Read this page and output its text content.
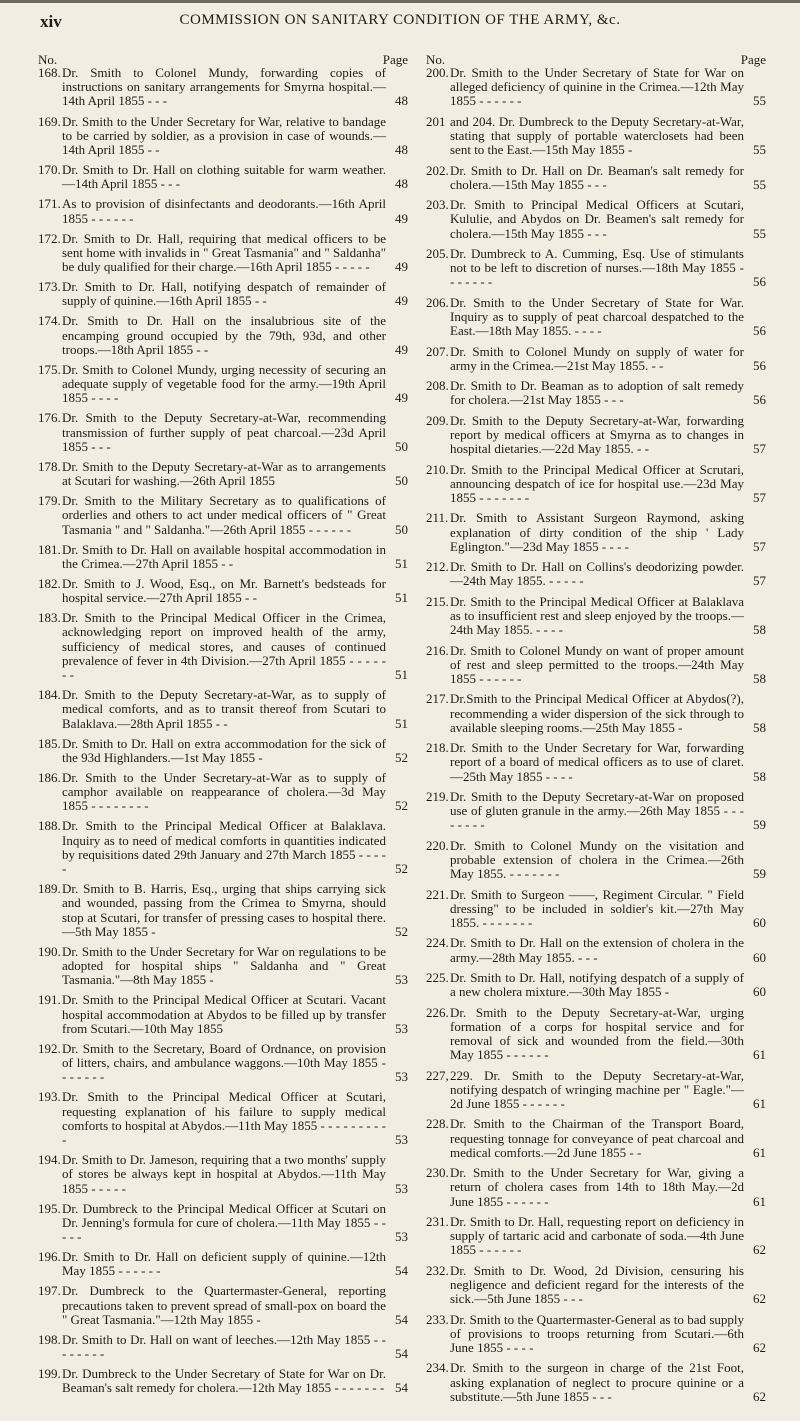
xiv	COMMISSION ON SANITARY CONDITION OF THE ARMY, &c.
No.	Page

168. Dr. Smith to Colonel Mundy, forwarding copies of instructions on sanitary arrangements for Smyrna hospital.—14th April 1855 - - -	48

169. Dr. Smith to the Under Secretary for War, relative to bandage to be carried by soldier, as a provision in case of wounds.—14th April 1855 - -	48

170. Dr. Smith to Dr. Hall on clothing suitable for warm weather.—14th April 1855 - - -	48

171. As to provision of disinfectants and deodorants.—16th April 1855 - - - - - -	49

172. Dr. Smith to Dr. Hall, requiring that medical officers to be sent home with invalids in " Great Tasmania" and " Saldanha" be duly qualified for their charge.—16th April 1855 - - - - -	49

173. Dr. Smith to Dr. Hall, notifying despatch of remainder of supply of quinine.—16th April 1855 - -	49

174. Dr. Smith to Dr. Hall on the insalubrious site of the encamping ground occupied by the 79th, 93d, and other troops.—18th April 1855 - -	49

175. Dr. Smith to Colonel Mundy, urging necessity of securing an adequate supply of vegetable food for the army.—19th April 1855 - - - -	49

176. Dr. Smith to the Deputy Secretary-at-War, recommending transmission of further supply of peat charcoal.—23d April 1855 - - -	50

178. Dr. Smith to the Deputy Secretary-at-War as to arrangements at Scutari for washing.—26th April 1855	50

179. Dr. Smith to the Military Secretary as to qualifications of orderlies and others to act under medical officers of " Great Tasmania " and " Saldanha."—26th April 1855 - - - - - -	50

181. Dr. Smith to Dr. Hall on available hospital accommodation in the Crimea.—27th April 1855 - -	51

182. Dr. Smith to J. Wood, Esq., on Mr. Barnett's bedsteads for hospital service.—27th April 1855 - -	51

183. Dr. Smith to the Principal Medical Officer in the Crimea, acknowledging report on improved health of the army, sufficiency of medical stores, and causes of continued prevalence of fever in 4th Division.—27th April 1855 - - - - - - -	51

184. Dr. Smith to the Deputy Secretary-at-War, as to supply of medical comforts, and as to transit thereof from Scutari to Balaklava.—28th April 1855 - -	51

185. Dr. Smith to Dr. Hall on extra accommodation for the sick of the 93d Highlanders.—1st May 1855 -	52

186. Dr. Smith to the Under Secretary-at-War as to supply of camphor available on reappearance of cholera.—3d May 1855 - - - - - - - -	52

188. Dr. Smith to the Principal Medical Officer at Balaklava. Inquiry as to need of medical comforts in quantities indicated by requisitions dated 29th January and 27th March 1855 - - - - -	52

189. Dr. Smith to B. Harris, Esq., urging that ships carrying sick and wounded, passing from the Crimea to Smyrna, should stop at Scutari, for transfer of pressing cases to hospital there.—5th May 1855 -	52

190. Dr. Smith to the Under Secretary for War on regulations to be adopted for hospital ships " Saldanha and " Great Tasmania."—8th May 1855 -	53

191. Dr. Smith to the Principal Medical Officer at Scutari. Vacant hospital accommodation at Abydos to be filled up by transfer from Scutari.—10th May 1855	53

192. Dr. Smith to the Secretary, Board of Ordnance, on provision of litters, chairs, and ambulance waggons.—10th May 1855 - - - - - - -	53

193. Dr. Smith to the Principal Medical Officer at Scutari, requesting explanation of his failure to supply medical comforts to hospital at Abydos.—11th May 1855 - - - - - - - - - -	53

194. Dr. Smith to Dr. Jameson, requiring that a two months' supply of stores be always kept in hospital at Abydos.—11th May 1855 - - - - -	53

195. Dr. Dumbreck to the Principal Medical Officer at Scutari on Dr. Jenning's formula for cure of cholera.—11th May 1855 - - - - -	53

196. Dr. Smith to Dr. Hall on deficient supply of quinine.—12th May 1855 - - - - - -	54

197. Dr. Dumbreck to the Quartermaster-General, reporting precautions taken to prevent spread of small-pox on board the " Great Tasmania."—12th May 1855 -	54

198. Dr. Smith to Dr. Hall on want of leeches.—12th May 1855 - - - - - - - -	54

199. Dr. Dumbreck to the Under Secretary of State for War on Dr. Beaman's salt remedy for cholera.—12th May 1855 - - - - - - - 54

No.	Page

200. Dr. Smith to the Under Secretary of State for War on alleged deficiency of quinine in the Crimea.—12th May 1855 - - - - - -	55

201 and 204. Dr. Dumbreck to the Deputy Secretary-at-War, stating that supply of portable waterclosets had been sent to the East.—15th May 1855 -	55

202. Dr. Smith to Dr. Hall on Dr. Beaman's salt remedy for cholera.—15th May 1855 - - -	55

203. Dr. Smith to Principal Medical Officers at Scutari, Kululie, and Abydos on Dr. Beamen's salt remedy for cholera.—15th May 1855 - - -	55

205. Dr. Dumbreck to A. Cumming, Esq. Use of stimulants not to be left to discretion of nurses.—18th May 1855 - - - - - - -	56

206. Dr. Smith to the Under Secretary of State for War. Inquiry as to supply of peat charcoal despatched to the East.—18th May 1855. - - - -	56

207. Dr. Smith to Colonel Mundy on supply of water for army in the Crimea.—21st May 1855. - -	56

208. Dr. Smith to Dr. Beaman as to adoption of salt remedy for cholera.—21st May 1855 - - -	56

209. Dr. Smith to the Deputy Secretary-at-War, forwarding report by medical officers at Smyrna as to changes in hospital dietaries.—22d May 1855. - -	57

210. Dr. Smith to the Principal Medical Officer at Scrutari, announcing despatch of ice for hospital use.—23d May 1855 - - - - - - -	57

211. Dr. Smith to Assistant Surgeon Raymond, asking explanation of dirty condition of the ship ' Lady Eglington."—23d May 1855 - - - -	57

212. Dr. Smith to Dr. Hall on Collins's deodorizing powder.—24th May 1855. - - - - -	57

215. Dr. Smith to the Principal Medical Officer at Balaklava as to insufficient rest and sleep enjoyed by the troops.—24th May 1855. - - - -	58

216. Dr. Smith to Colonel Mundy on want of proper amount of rest and sleep permitted to the troops.—24th May 1855 - - - - - -	58

217. Dr.Smith to the Principal Medical Officer at Abydos(?), recommending a wider dispersion of the sick through to available sleeping rooms.—25th May 1855 -	58

218. Dr. Smith to the Under Secretary for War, forwarding report of a board of medical officers as to use of claret.—25th May 1855 - - - -	58

219. Dr. Smith to the Deputy Secretary-at-War on proposed use of gluten granule in the army.—26th May 1855 - - - - - - - -	59

220. Dr. Smith to Colonel Mundy on the visitation and probable extension of cholera in the Crimea.—26th May 1855. - - - - - - -	59

221. Dr. Smith to Surgeon ——, Regiment Circular. " Field dressing" to be included in soldier's kit.—27th May 1855. - - - - - - -	60

224. Dr. Smith to Dr. Hall on the extension of cholera in the army.—28th May 1855. - - -	60

225. Dr. Smith to Dr. Hall, notifying despatch of a supply of a new cholera mixture.—30th May 1855 -	60

226. Dr. Smith to the Deputy Secretary-at-War, urging formation of a corps for hospital service and for removal of sick and wounded from the field.—30th May 1855 - - - - - -	61

227, 229. Dr. Smith to the Deputy Secretary-at-War, notifying despatch of wringing machine per " Eagle."—2d June 1855 - - - - - -	61

228. Dr. Smith to the Chairman of the Transport Board, requesting tonnage for conveyance of peat charcoal and medical comforts.—2d June 1855 - -	61

230. Dr. Smith to the Under Secretary for War, giving a return of cholera cases from 14th to 18th May.—2d June 1855 - - - - - -	61

231. Dr. Smith to Dr. Hall, requesting report on deficiency in supply of tartaric acid and carbonate of soda.—4th June 1855 - - - - - -	62

232. Dr. Smith to Dr. Wood, 2d Division, censuring his negligence and deficient regard for the interests of the sick.—5th June 1855 - - -	62

233. Dr. Smith to the Quartermaster-General as to bad supply of provisions to troops returning from Scutari.—6th June 1855 - - - -	62

234. Dr. Smith to the surgeon in charge of the 21st Foot, asking explanation of neglect to procure quinine or a substitute.—5th June 1855 - - -	62
